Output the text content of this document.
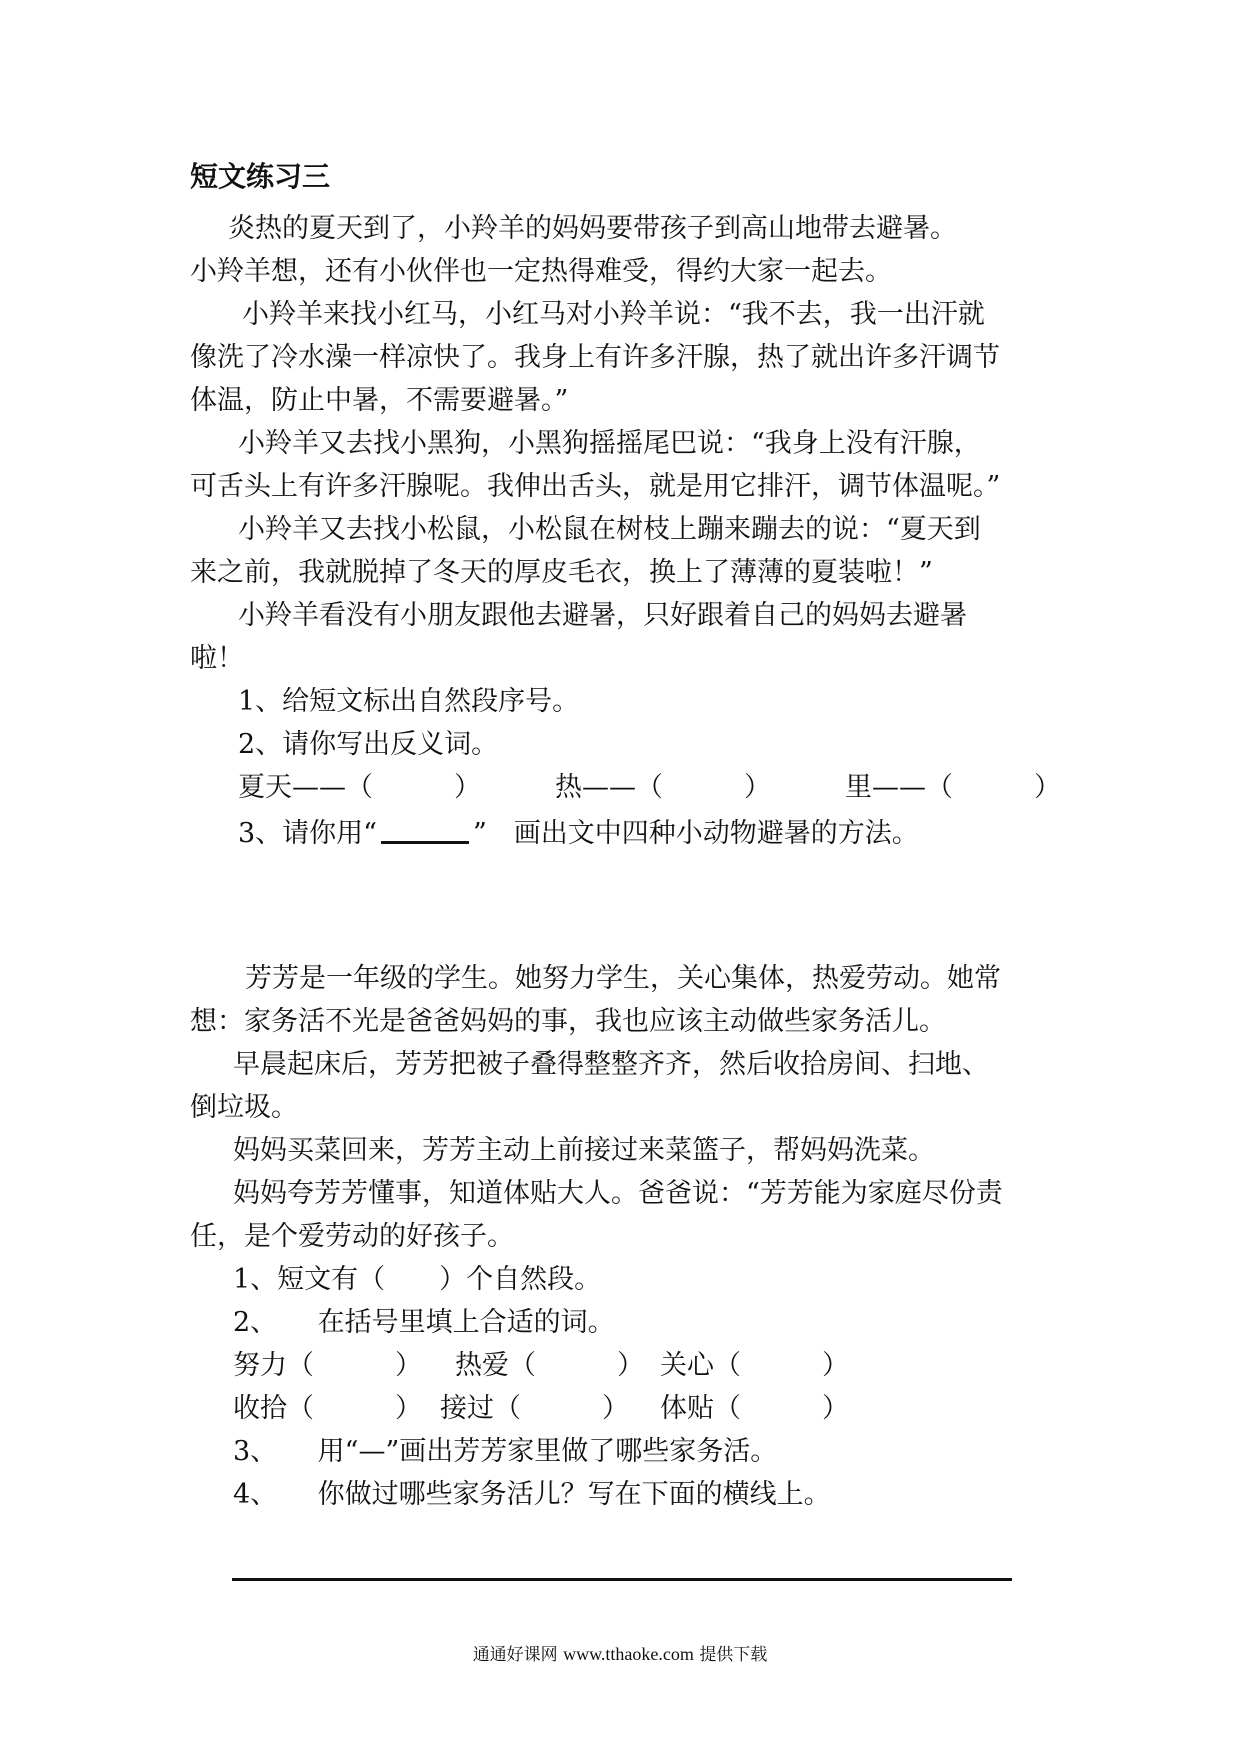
短文练习三
炎热的夏天到了，小羚羊的妈妈要带孩子到高山地带去避暑。
小羚羊想，还有小伙伴也一定热得难受，得约大家一起去。
小羚羊来找小红马，小红马对小羚羊说：“我不去，我一出汗就
像洗了冷水澡一样凉快了。我身上有许多汗腺，热了就出许多汗调节
体温，防止中暑，不需要避暑。”
小羚羊又去找小黑狗，小黑狗摇摇尾巴说：“我身上没有汗腺，
可舌头上有许多汗腺呢。我伸出舌头，就是用它排汗，调节体温呢。”
小羚羊又去找小松鼠，小松鼠在树枝上蹦来蹦去的说：“夏天到
来之前，我就脱掉了冬天的厚皮毛衣，换上了薄薄的夏装啦！”
小羚羊看没有小朋友跟他去避暑，只好跟着自己的妈妈去避暑
啦！
1、给短文标出自然段序号。
2、请你写出反义词。
夏天——（　　　）	热——（　　　）	里——（　　　）
3、请你用“	”　画出文中四种小动物避暑的方法。
芳芳是一年级的学生。她努力学生，关心集体，热爱劳动。她常
想：家务活不光是爸爸妈妈的事，我也应该主动做些家务活儿。
早晨起床后，芳芳把被子叠得整整齐齐，然后收拾房间、扫地、
倒垃圾。
妈妈买菜回来，芳芳主动上前接过来菜篮子，帮妈妈洗菜。
妈妈夸芳芳懂事，知道体贴大人。爸爸说：“芳芳能为家庭尽份责
任，是个爱劳动的好孩子。
1、短文有（　　）个自然段。
2、　　在括号里填上合适的词。
努力（　　　） 热爱（　　　） 关心（　　　）
收拾（　　　） 接过（　　　） 体贴（　　　）
3、　　用“—”画出芳芳家里做了哪些家务活。
4、　　你做过哪些家务活儿？写在下面的横线上。
通通好课网 www.tthaoke.com 提供下载
